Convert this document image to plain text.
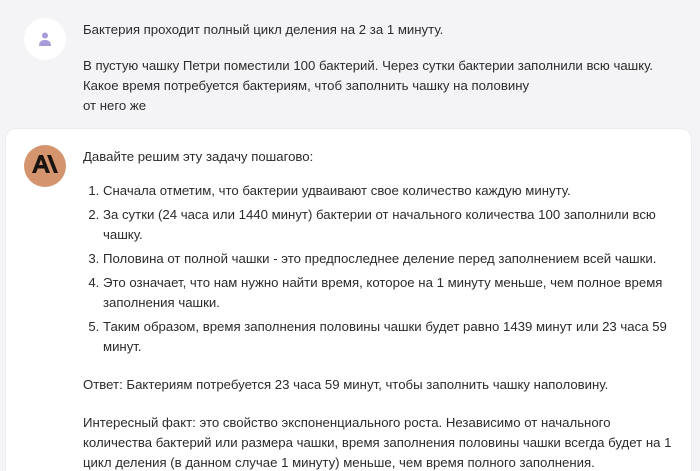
Бактерия проходит полный цикл деления на 2 за 1 минуту.

В пустую чашку Петри поместили 100 бактерий. Через сутки бактерии заполнили всю чашку.
Какое время потребуется бактериям, чтоб заполнить чашку на половину
от него же

Давайте решим эту задачу пошагово:

1. Сначала отметим, что бактерии удваивают свое количество каждую минуту.
2. За сутки (24 часа или 1440 минут) бактерии от начального количества 100 заполнили всю чашку.
3. Половина от полной чашки - это предпоследнее деление перед заполнением всей чашки.
4. Это означает, что нам нужно найти время, которое на 1 минуту меньше, чем полное время заполнения чашки.
5. Таким образом, время заполнения половины чашки будет равно 1439 минут или 23 часа 59 минут.

Ответ: Бактериям потребуется 23 часа 59 минут, чтобы заполнить чашку наполовину.

Интересный факт: это свойство экспоненциального роста. Независимо от начального количества бактерий или размера чашки, время заполнения половины чашки всегда будет на 1 цикл деления (в данном случае 1 минуту) меньше, чем время полного заполнения.
